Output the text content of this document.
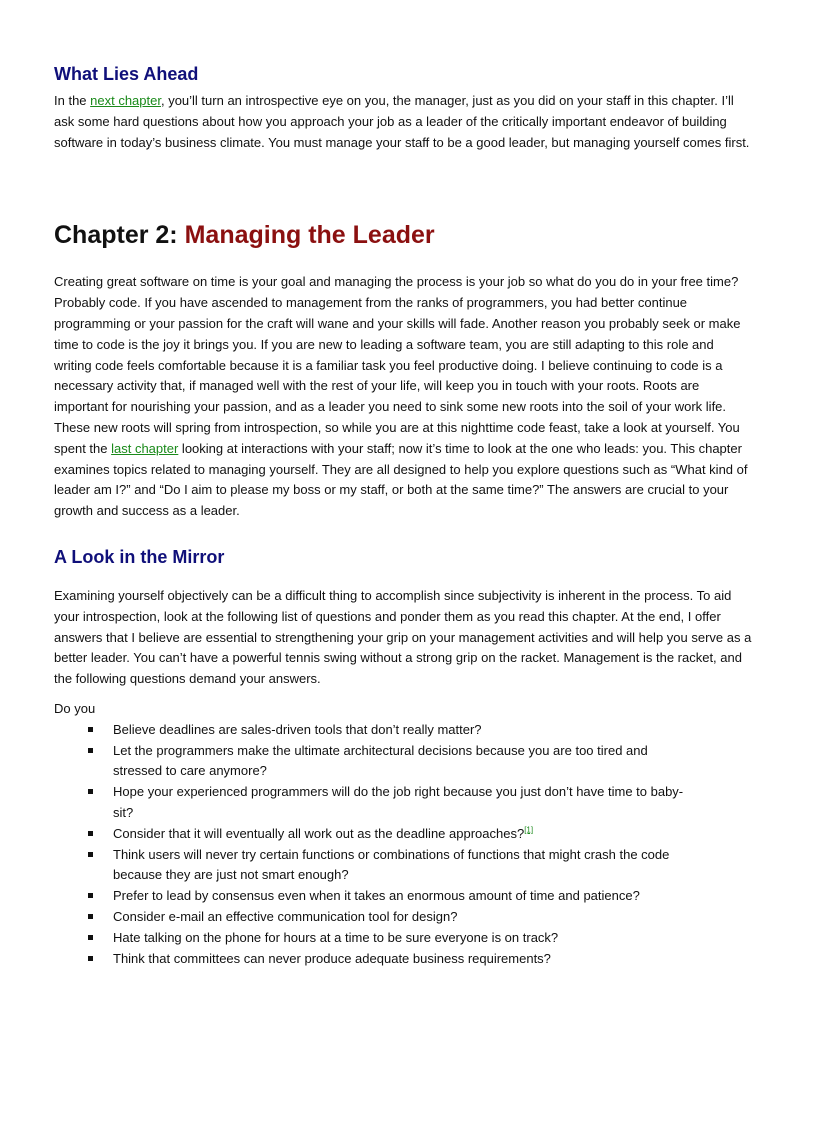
What Lies Ahead

In the next chapter, you’ll turn an introspective eye on you, the manager, just as you did on your staff in this chapter. I’ll ask some hard questions about how you approach your job as a leader of the critically important endeavor of building software in today’s business climate. You must manage your staff to be a good leader, but managing yourself comes first.

Chapter 2: Managing the Leader

Creating great software on time is your goal and managing the process is your job so what do you do in your free time? Probably code. If you have ascended to management from the ranks of programmers, you had better continue programming or your passion for the craft will wane and your skills will fade. Another reason you probably seek or make time to code is the joy it brings you. If you are new to leading a software team, you are still adapting to this role and writing code feels comfortable because it is a familiar task you feel productive doing. I believe continuing to code is a necessary activity that, if managed well with the rest of your life, will keep you in touch with your roots. Roots are important for nourishing your passion, and as a leader you need to sink some new roots into the soil of your work life.

These new roots will spring from introspection, so while you are at this nighttime code feast, take a look at yourself. You spent the last chapter looking at interactions with your staff; now it’s time to look at the one who leads: you. This chapter examines topics related to managing yourself. They are all designed to help you explore questions such as “What kind of leader am I?” and “Do I aim to please my boss or my staff, or both at the same time?” The answers are crucial to your growth and success as a leader.

A Look in the Mirror

Examining yourself objectively can be a difficult thing to accomplish since subjectivity is inherent in the process. To aid your introspection, look at the following list of questions and ponder them as you read this chapter. At the end, I offer answers that I believe are essential to strengthening your grip on your management activities and will help you serve as a better leader. You can’t have a powerful tennis swing without a strong grip on the racket. Management is the racket, and the following questions demand your answers.

Do you

Believe deadlines are sales-driven tools that don’t really matter?
Let the programmers make the ultimate architectural decisions because you are too tired and stressed to care anymore?
Hope your experienced programmers will do the job right because you just don’t have time to baby-sit?
Consider that it will eventually all work out as the deadline approaches?[1]
Think users will never try certain functions or combinations of functions that might crash the code because they are just not smart enough?
Prefer to lead by consensus even when it takes an enormous amount of time and patience?
Consider e-mail an effective communication tool for design?
Hate talking on the phone for hours at a time to be sure everyone is on track?
Think that committees can never produce adequate business requirements?
